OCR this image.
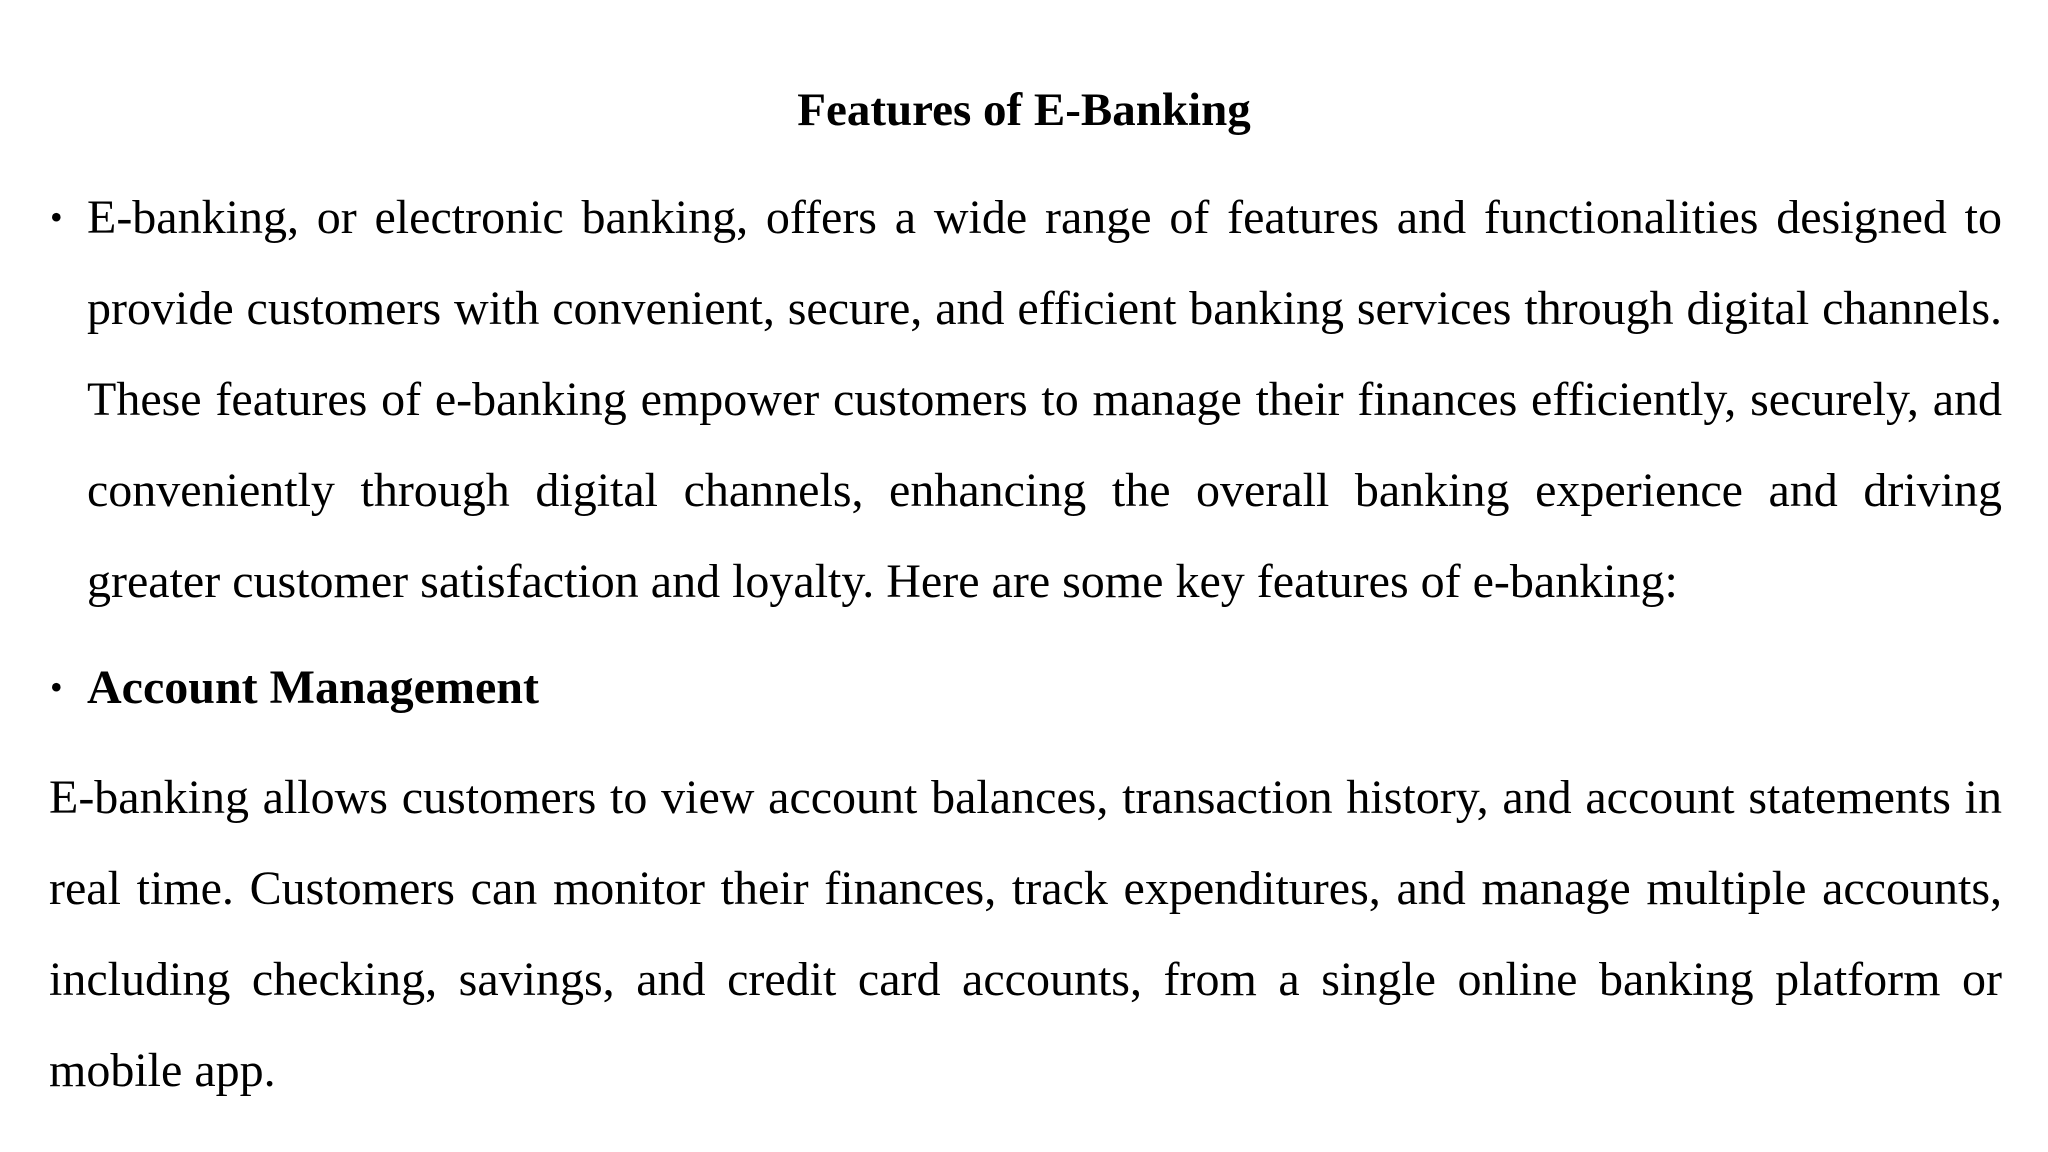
Features of E-Banking
• E-banking, or electronic banking, offers a wide range of features and functionalities designed to provide customers with convenient, secure, and efficient banking services through digital channels. These features of e-banking empower customers to manage their finances efficiently, securely, and conveniently through digital channels, enhancing the overall banking experience and driving greater customer satisfaction and loyalty. Here are some key features of e-banking:

• Account Management

E-banking allows customers to view account balances, transaction history, and account statements in real time. Customers can monitor their finances, track expenditures, and manage multiple accounts, including checking, savings, and credit card accounts, from a single online banking platform or mobile app.
